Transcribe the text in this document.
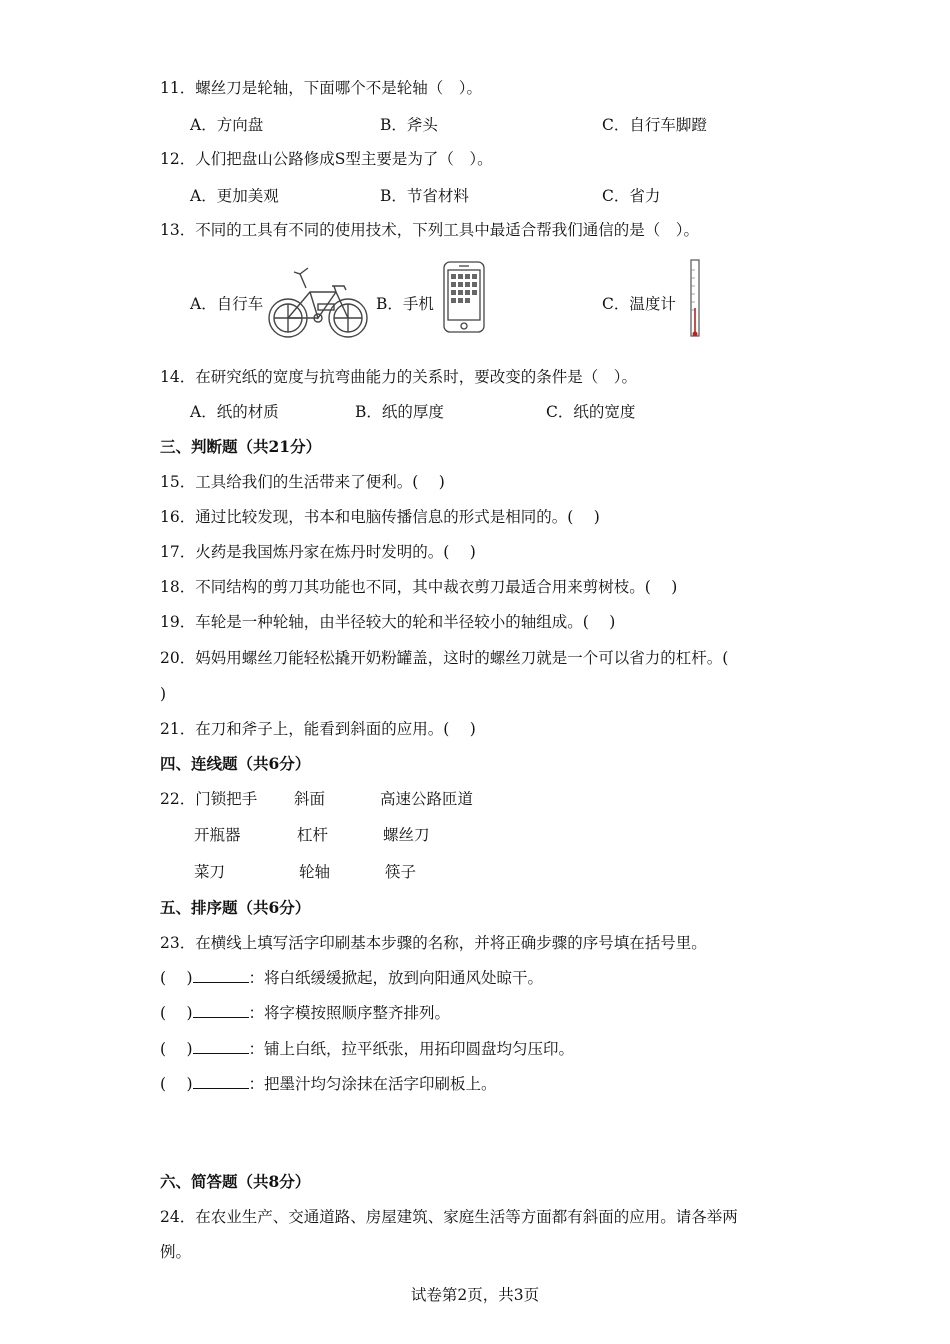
11．螺丝刀是轮轴，下面哪个不是轮轴（　）。
A．方向盘	B．斧头	C．自行车脚蹬
12．人们把盘山公路修成S型主要是为了（　）。
A．更加美观	B．节省材料	C．省力
13．不同的工具有不同的使用技术，下列工具中最适合帮我们通信的是（　）。
A．自行车	B．手机	C．温度计
14．在研究纸的宽度与抗弯曲能力的关系时，要改变的条件是（　）。
A．纸的材质	B．纸的厚度	C．纸的宽度
三、判断题（共21分）
15．工具给我们的生活带来了便利。(　 )
16．通过比较发现，书本和电脑传播信息的形式是相同的。(　 )
17．火药是我国炼丹家在炼丹时发明的。(　 )
18．不同结构的剪刀其功能也不同，其中裁衣剪刀最适合用来剪树枝。(　 )
19．车轮是一种轮轴，由半径较大的轮和半径较小的轴组成。(　 )
20．妈妈用螺丝刀能轻松撬开奶粉罐盖，这时的螺丝刀就是一个可以省力的杠杆。(
)
21．在刀和斧子上，能看到斜面的应用。(　 )
四、连线题（共6分）
22．门锁把手 斜面	高速公路匝道
开瓶器	杠杆	螺丝刀
菜刀	轮轴	筷子
五、排序题（共6分）
23．在横线上填写活字印刷基本步骤的名称，并将正确步骤的序号填在括号里。
(　 )	：将白纸缓缓掀起，放到向阳通风处晾干。
(　 )	：将字模按照顺序整齐排列。
(　 )	：铺上白纸，拉平纸张，用拓印圆盘均匀压印。
(　 )	：把墨汁均匀涂抹在活字印刷板上。
六、简答题（共8分）
24．在农业生产、交通道路、房屋建筑、家庭生活等方面都有斜面的应用。请各举两
例。
试卷第2页，共3页
